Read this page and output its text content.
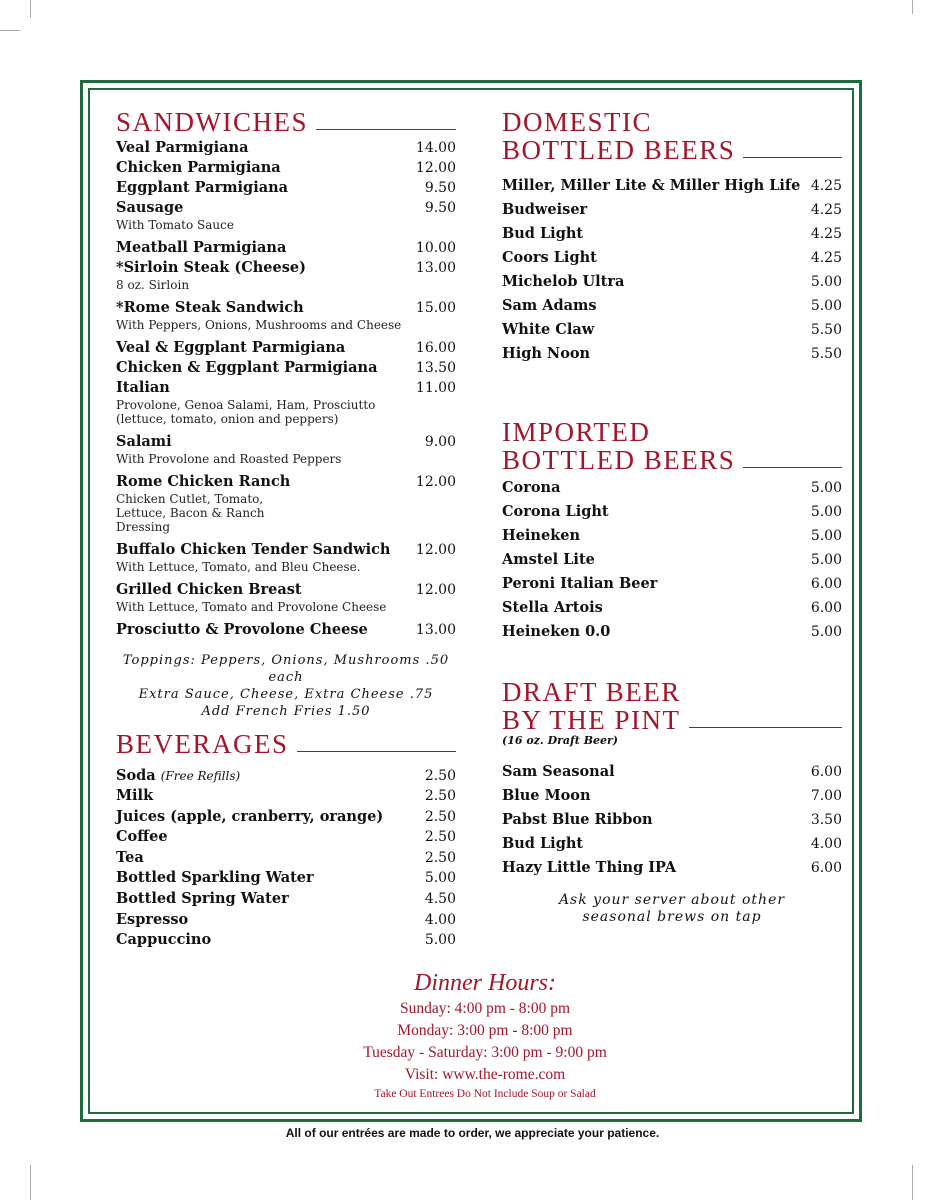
SANDWICHES
Veal Parmigiana	14.00
Chicken Parmigiana	12.00
Eggplant Parmigiana	9.50
Sausage	9.50
With Tomato Sauce
Meatball Parmigiana	10.00
*Sirloin Steak (Cheese)	13.00
8 oz. Sirloin
*Rome Steak Sandwich	15.00
With Peppers, Onions, Mushrooms and Cheese
Veal & Eggplant Parmigiana	16.00
Chicken & Eggplant Parmigiana	13.50
Italian	11.00
Provolone, Genoa Salami, Ham, Prosciutto (lettuce, tomato, onion and peppers)
Salami	9.00
With Provolone and Roasted Peppers
Rome Chicken Ranch	12.00
Chicken Cutlet, Tomato, Lettuce, Bacon & Ranch Dressing
Buffalo Chicken Tender Sandwich 12.00
With Lettuce, Tomato, and Bleu Cheese.
Grilled Chicken Breast	12.00
With Lettuce, Tomato and Provolone Cheese
Prosciutto & Provolone Cheese	13.00
Toppings: Peppers, Onions, Mushrooms .50 each
Extra Sauce, Cheese, Extra Cheese .75
Add French Fries 1.50
BEVERAGES
Soda (Free Refills)	2.50
Milk	2.50
Juices (apple, cranberry, orange)	2.50
Coffee	2.50
Tea	2.50
Bottled Sparkling Water	5.00
Bottled Spring Water	4.50
Espresso	4.00
Cappuccino	5.00
DOMESTIC
BOTTLED BEERS
Miller, Miller Lite & Miller High Life 4.25
Budweiser	4.25
Bud Light	4.25
Coors Light	4.25
Michelob Ultra	5.00
Sam Adams	5.00
White Claw	5.50
High Noon	5.50
IMPORTED
BOTTLED BEERS
Corona	5.00
Corona Light	5.00
Heineken	5.00
Amstel Lite	5.00
Peroni Italian Beer	6.00
Stella Artois	6.00
Heineken 0.0	5.00
DRAFT BEER
BY THE PINT
(16 oz. Draft Beer)
Sam Seasonal	6.00
Blue Moon	7.00
Pabst Blue Ribbon	3.50
Bud Light	4.00
Hazy Little Thing IPA	6.00
Ask your server about other
seasonal brews on tap
Dinner Hours:
Sunday: 4:00 pm - 8:00 pm
Monday: 3:00 pm - 8:00 pm
Tuesday - Saturday: 3:00 pm - 9:00 pm
Visit: www.the-rome.com
Take Out Entrees Do Not Include Soup or Salad
All of our entrées are made to order, we appreciate your patience.
